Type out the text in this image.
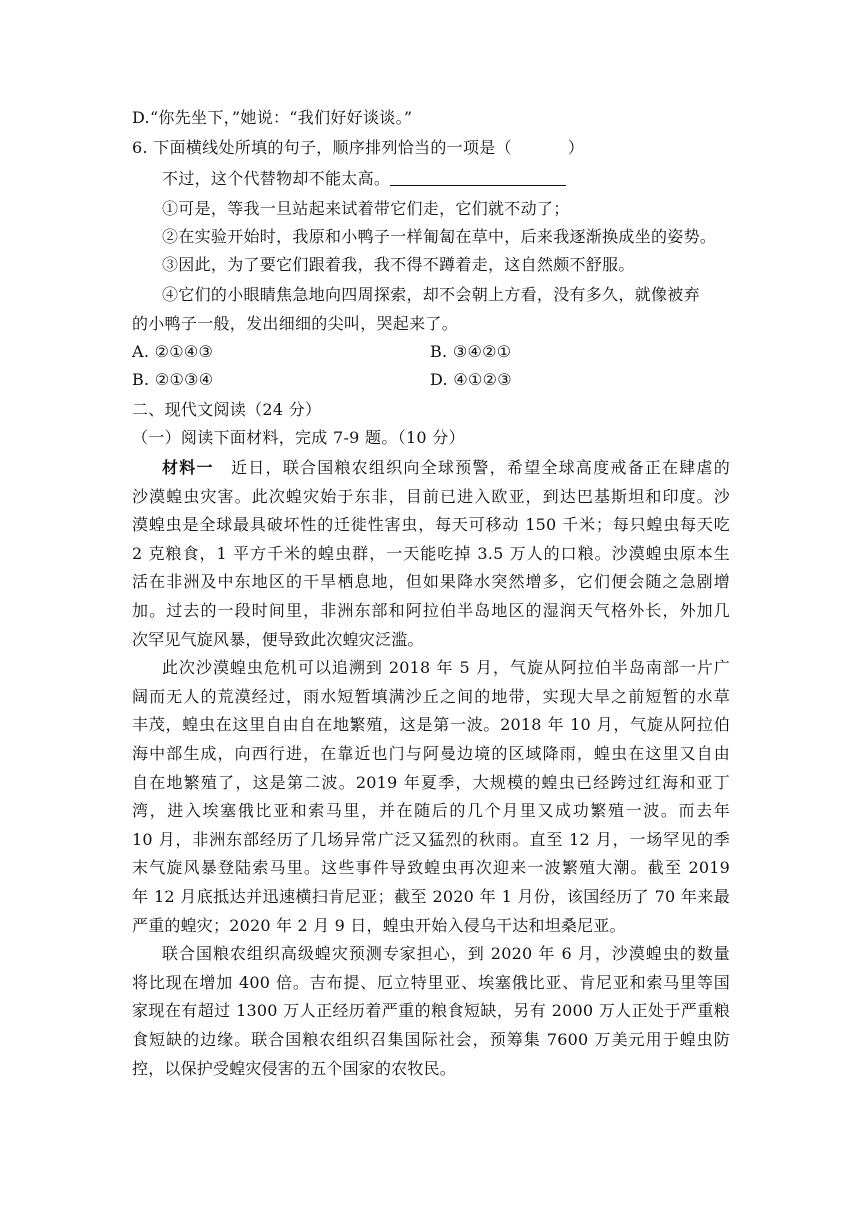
D.“你先坐下，”她说：“我们好好谈谈。”
6. 下面横线处所填的句子，顺序排列恰当的一项是（	）
不过，这个代替物却不能太高。
①可是，等我一旦站起来试着带它们走，它们就不动了；
②在实验开始时，我原和小鸭子一样匍匐在草中，后来我逐渐换成坐的姿势。
③因此，为了要它们跟着我，我不得不蹲着走，这自然颇不舒服。
④它们的小眼睛焦急地向四周探索，却不会朝上方看，没有多久，就像被弃
的小鸭子一般，发出细细的尖叫，哭起来了。
A. ②①④③	B. ③④②①
B. ②①③④	D. ④①②③
二、现代文阅读（24 分）
（一）阅读下面材料，完成 7-9 题。（10 分）
材料一　近日，联合国粮农组织向全球预警，希望全球高度戒备正在肆虐的
沙漠蝗虫灾害。此次蝗灾始于东非，目前已进入欧亚，到达巴基斯坦和印度。沙
漠蝗虫是全球最具破坏性的迁徙性害虫，每天可移动 150 千米；每只蝗虫每天吃
2 克粮食，1 平方千米的蝗虫群，一天能吃掉 3.5 万人的口粮。沙漠蝗虫原本生
活在非洲及中东地区的干旱栖息地，但如果降水突然增多，它们便会随之急剧增
加。过去的一段时间里，非洲东部和阿拉伯半岛地区的湿润天气格外长，外加几
次罕见气旋风暴，便导致此次蝗灾泛滥。
此次沙漠蝗虫危机可以追溯到 2018 年 5 月，气旋从阿拉伯半岛南部一片广
阔而无人的荒漠经过，雨水短暂填满沙丘之间的地带，实现大旱之前短暂的水草
丰茂，蝗虫在这里自由自在地繁殖，这是第一波。2018 年 10 月，气旋从阿拉伯
海中部生成，向西行进，在靠近也门与阿曼边境的区域降雨，蝗虫在这里又自由
自在地繁殖了，这是第二波。2019 年夏季，大规模的蝗虫已经跨过红海和亚丁
湾，进入埃塞俄比亚和索马里，并在随后的几个月里又成功繁殖一波。而去年
10 月，非洲东部经历了几场异常广泛又猛烈的秋雨。直至 12 月，一场罕见的季
末气旋风暴登陆索马里。这些事件导致蝗虫再次迎来一波繁殖大潮。截至 2019
年 12 月底抵达并迅速横扫肯尼亚；截至 2020 年 1 月份，该国经历了 70 年来最
严重的蝗灾；2020 年 2 月 9 日，蝗虫开始入侵乌干达和坦桑尼亚。
联合国粮农组织高级蝗灾预测专家担心，到 2020 年 6 月，沙漠蝗虫的数量
将比现在增加 400 倍。吉布提、厄立特里亚、埃塞俄比亚、肯尼亚和索马里等国
家现在有超过 1300 万人正经历着严重的粮食短缺，另有 2000 万人正处于严重粮
食短缺的边缘。联合国粮农组织召集国际社会，预筹集 7600 万美元用于蝗虫防
控，以保护受蝗灾侵害的五个国家的农牧民。
